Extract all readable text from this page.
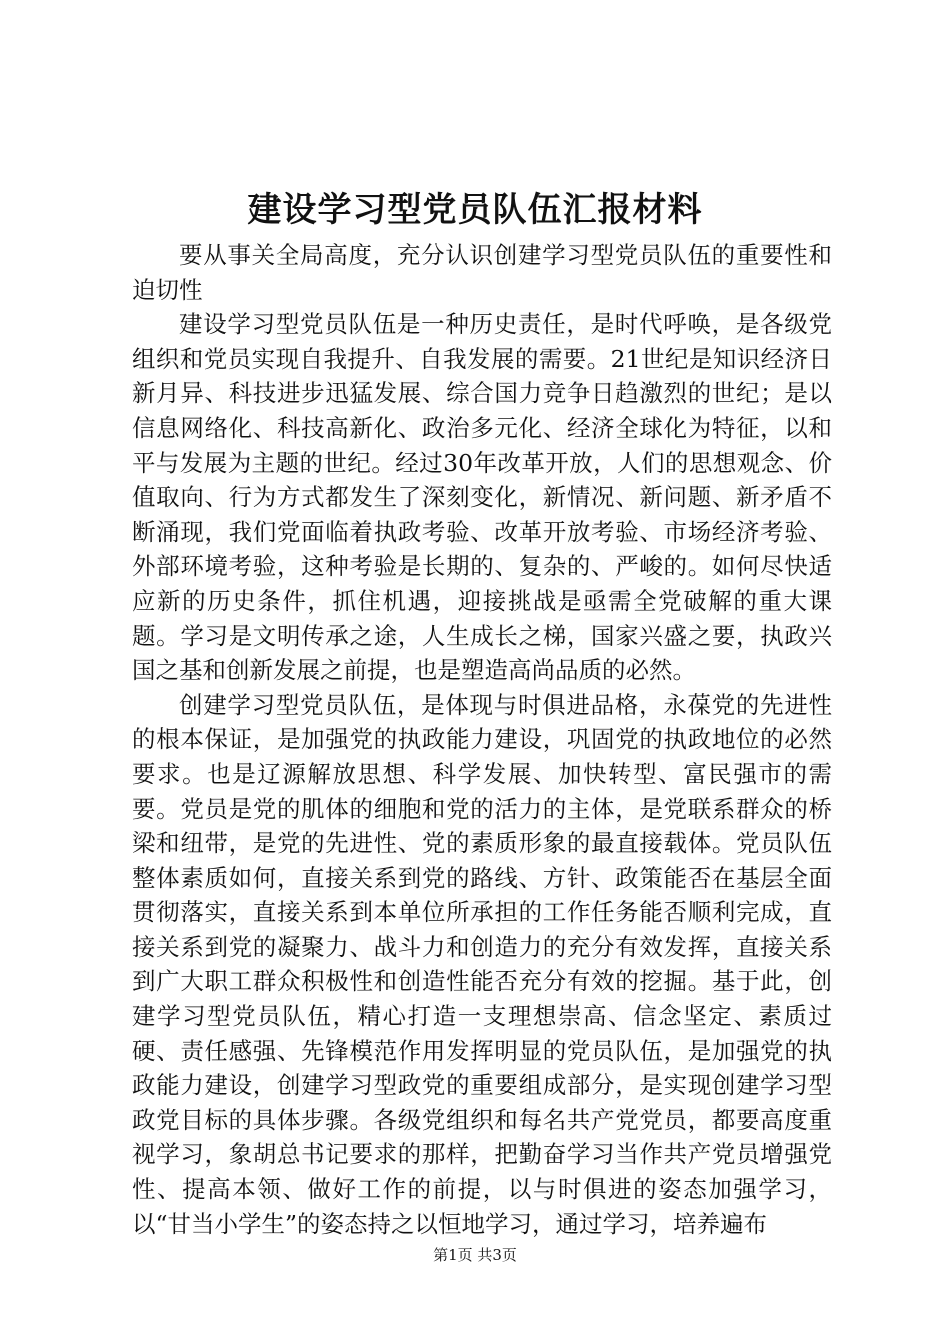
建设学习型党员队伍汇报材料

要从事关全局高度，充分认识创建学习型党员队伍的重要性和迫切性

建设学习型党员队伍是一种历史责任，是时代呼唤，是各级党组织和党员实现自我提升、自我发展的需要。21世纪是知识经济日新月异、科技进步迅猛发展、综合国力竞争日趋激烈的世纪；是以信息网络化、科技高新化、政治多元化、经济全球化为特征，以和平与发展为主题的世纪。经过30年改革开放，人们的思想观念、价值取向、行为方式都发生了深刻变化，新情况、新问题、新矛盾不断涌现，我们党面临着执政考验、改革开放考验、市场经济考验、外部环境考验，这种考验是长期的、复杂的、严峻的。如何尽快适应新的历史条件，抓住机遇，迎接挑战是亟需全党破解的重大课题。学习是文明传承之途，人生成长之梯，国家兴盛之要，执政兴国之基和创新发展之前提，也是塑造高尚品质的必然。

创建学习型党员队伍，是体现与时俱进品格，永葆党的先进性的根本保证，是加强党的执政能力建设，巩固党的执政地位的必然要求。也是辽源解放思想、科学发展、加快转型、富民强市的需要。党员是党的肌体的细胞和党的活力的主体，是党联系群众的桥梁和纽带，是党的先进性、党的素质形象的最直接载体。党员队伍整体素质如何，直接关系到党的路线、方针、政策能否在基层全面贯彻落实，直接关系到本单位所承担的工作任务能否顺利完成，直接关系到党的凝聚力、战斗力和创造力的充分有效发挥，直接关系到广大职工群众积极性和创造性能否充分有效的挖掘。基于此，创建学习型党员队伍，精心打造一支理想崇高、信念坚定、素质过硬、责任感强、先锋模范作用发挥明显的党员队伍，是加强党的执政能力建设，创建学习型政党的重要组成部分，是实现创建学习型政党目标的具体步骤。各级党组织和每名共产党党员，都要高度重视学习，象胡总书记要求的那样，把勤奋学习当作共产党员增强党性、提高本领、做好工作的前提，以与时俱进的姿态加强学习，以“甘当小学生”的姿态持之以恒地学习，通过学习，培养遍布

第1页 共3页
